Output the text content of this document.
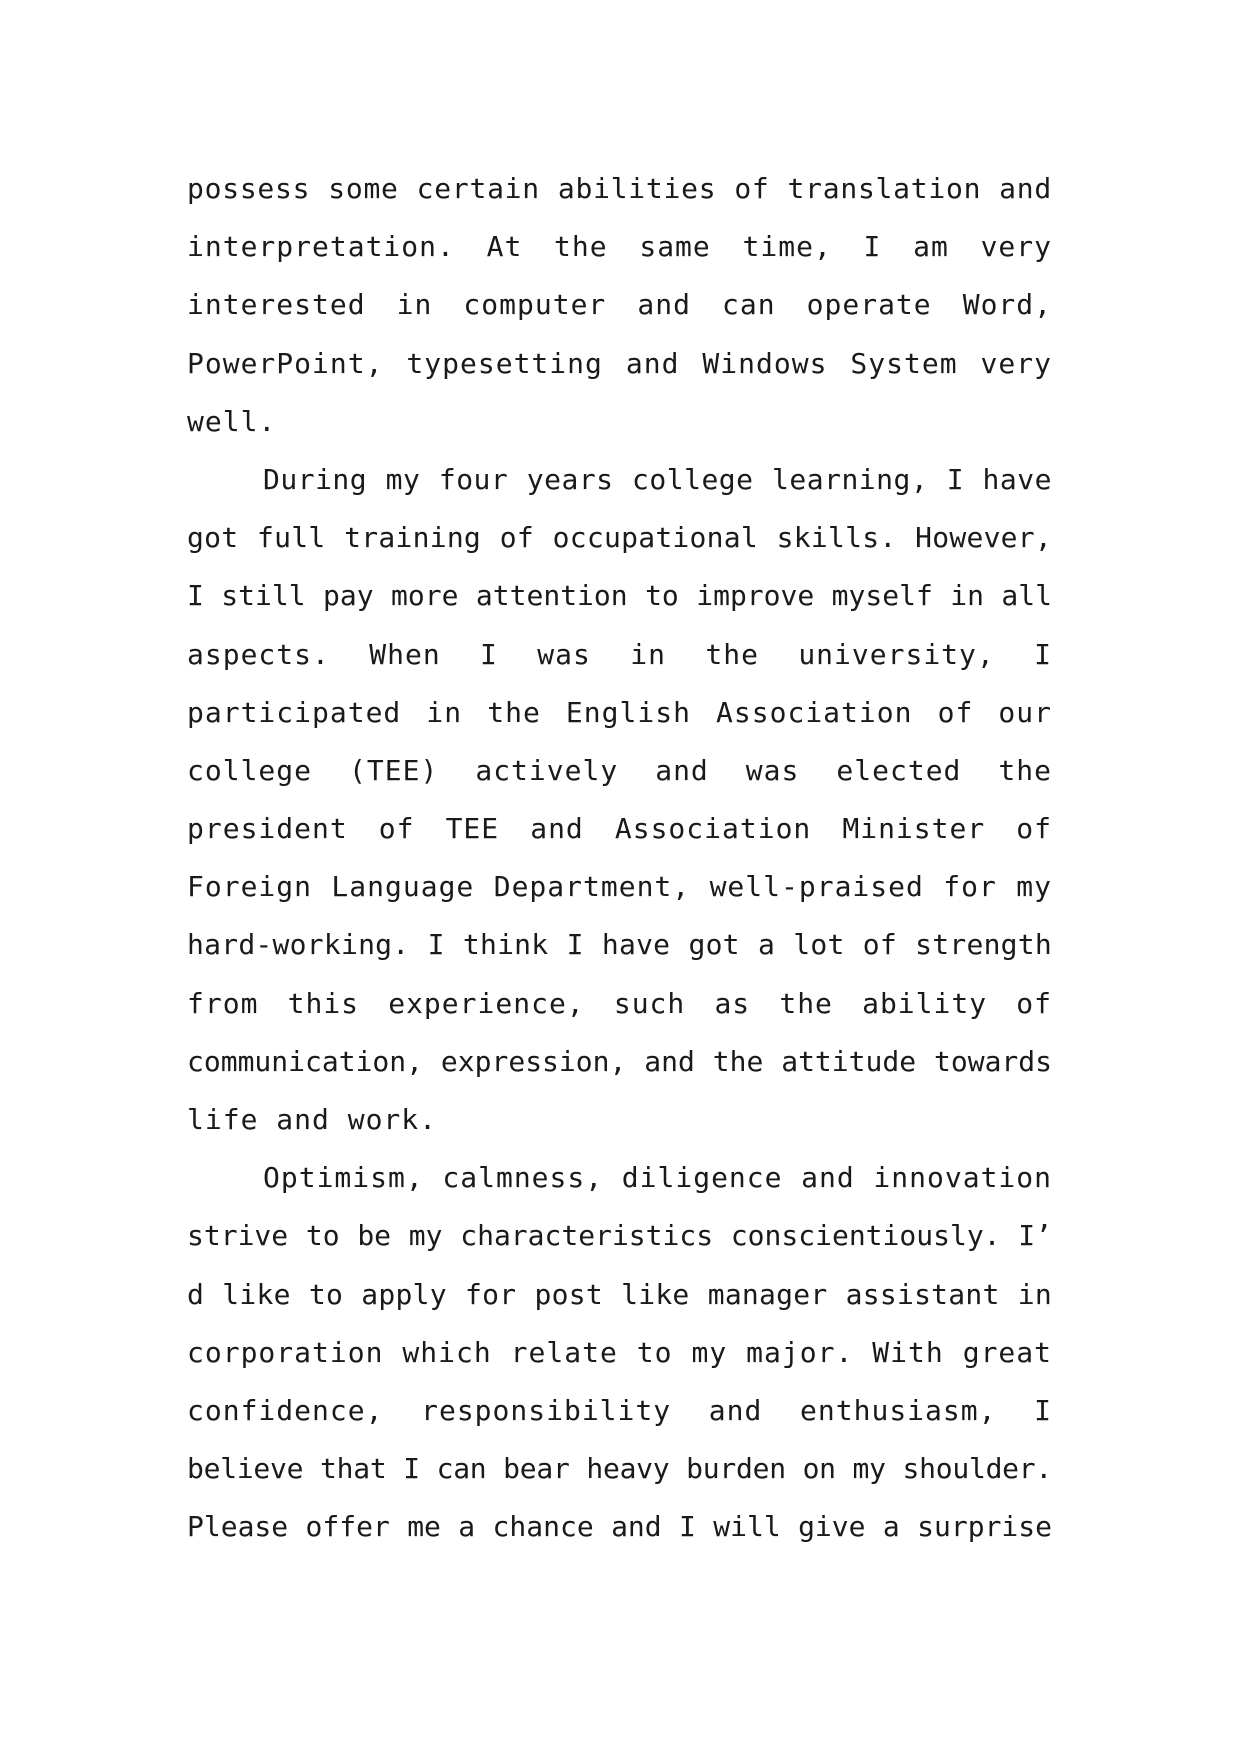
possess some certain abilities of translation and
interpretation. At the same time, I am very
interested in computer and can operate Word,
PowerPoint, typesetting and Windows System very
well.
During my four years college learning, I have
got full training of occupational skills. However,
I still pay more attention to improve myself in all
aspects. When I was in the university, I
participated in the English Association of our
college (TEE) actively and was elected the
president of TEE and Association Minister of
Foreign Language Department, well-praised for my
hard-working. I think I have got a lot of strength
from this experience, such as the ability of
communication, expression, and the attitude towards
life and work.
Optimism, calmness, diligence and innovation
strive to be my characteristics conscientiously. I’
d like to apply for post like manager assistant in
corporation which relate to my major. With great
confidence, responsibility and enthusiasm, I
believe that I can bear heavy burden on my shoulder.
Please offer me a chance and I will give a surprise
